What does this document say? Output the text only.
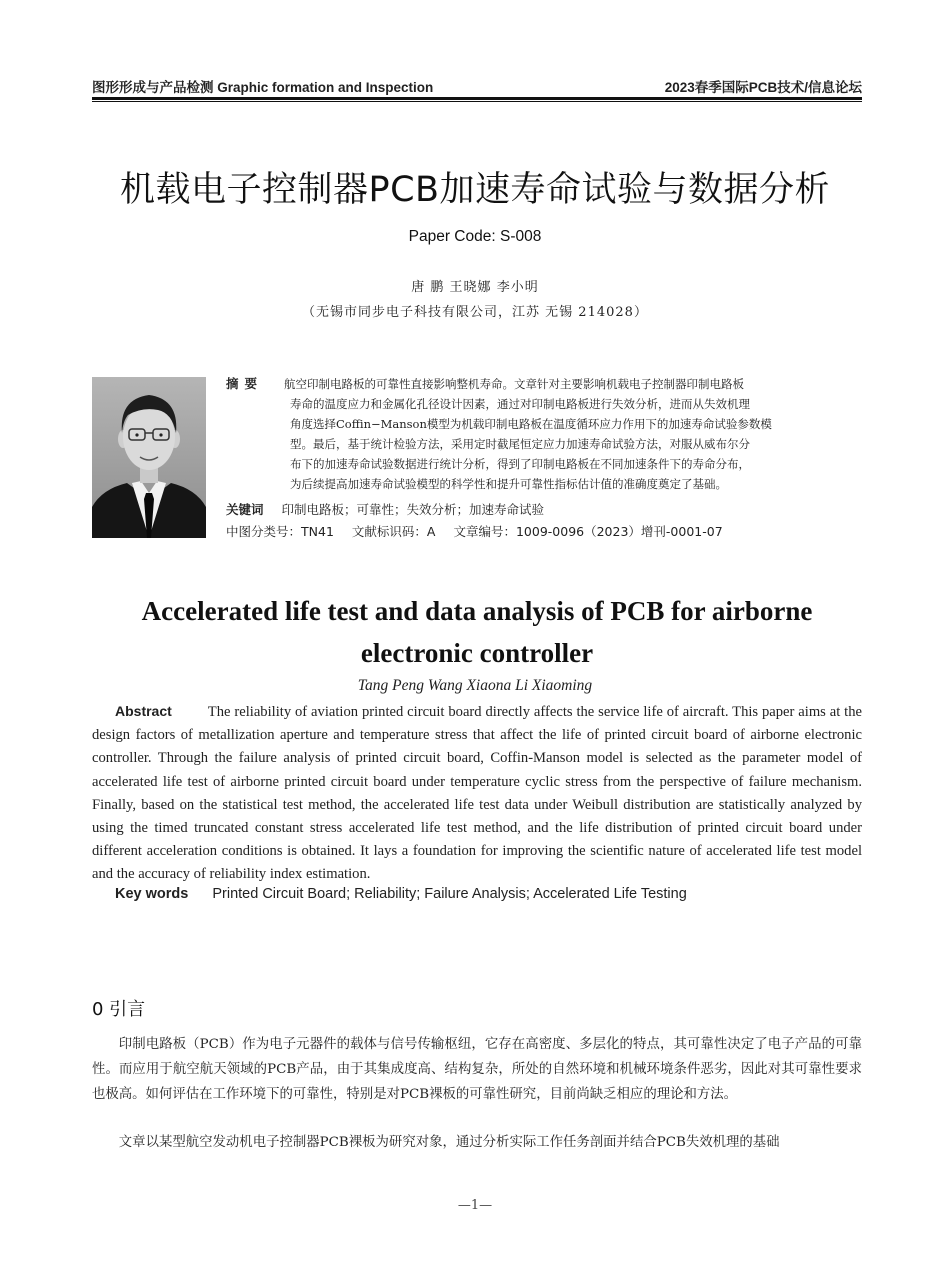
图形形成与产品检测 Graphic formation and Inspection	2023春季国际PCB技术/信息论坛
机载电子控制器PCB加速寿命试验与数据分析
Paper Code: S-008
唐 鹏 王晓娜 李小明
（无锡市同步电子科技有限公司，江苏 无锡 214028）
摘要 航空印制电路板的可靠性直接影响整机寿命。文章针对主要影响机载电子控制器印制电路板
寿命的温度应力和金属化孔径设计因素，通过对印制电路板进行失效分析，进而从失效机理
角度选择Coffin−Manson模型为机载印制电路板在温度循环应力作用下的加速寿命试验参数模
型。最后，基于统计检验方法，采用定时截尾恒定应力加速寿命试验方法，对服从威布尔分
布下的加速寿命试验数据进行统计分析，得到了印制电路板在不同加速条件下的寿命分布，
为后续提高加速寿命试验模型的科学性和提升可靠性指标估计值的准确度奠定了基础。
关键词 印制电路板；可靠性；失效分析；加速寿命试验
中图分类号：TN41 文献标识码：A 文章编号：1009-0096（2023）增刊-0001-07
Accelerated life test and data analysis of PCB for airborne electronic controller
Tang Peng Wang Xiaona Li Xiaoming
Abstract The reliability of aviation printed circuit board directly affects the service life of aircraft. This paper aims at the design factors of metallization aperture and temperature stress that affect the life of printed circuit board of airborne electronic controller. Through the failure analysis of printed circuit board, Coffin-Manson model is selected as the parameter model of accelerated life test of airborne printed circuit board under temperature cyclic stress from the perspective of failure mechanism. Finally, based on the statistical test method, the accelerated life test data under Weibull distribution are statistically analyzed by using the timed truncated constant stress accelerated life test method, and the life distribution of printed circuit board under different acceleration conditions is obtained. It lays a foundation for improving the scientific nature of accelerated life test model and the accuracy of reliability index estimation.
Key words Printed Circuit Board; Reliability; Failure Analysis; Accelerated Life Testing
0 引言
印制电路板（PCB）作为电子元器件的载体与信号传输枢纽，它存在高密度、多层化的特点，其可靠性决定了电子产品的可靠性。而应用于航空航天领域的PCB产品，由于其集成度高、结构复杂，所处的自然环境和机械环境条件恶劣，因此对其可靠性要求也极高。如何评估在工作环境下的可靠性，特别是对PCB裸板的可靠性研究，目前尚缺乏相应的理论和方法。
文章以某型航空发动机电子控制器PCB裸板为研究对象，通过分析实际工作任务剖面并结合PCB失效机理的基础
—1—
